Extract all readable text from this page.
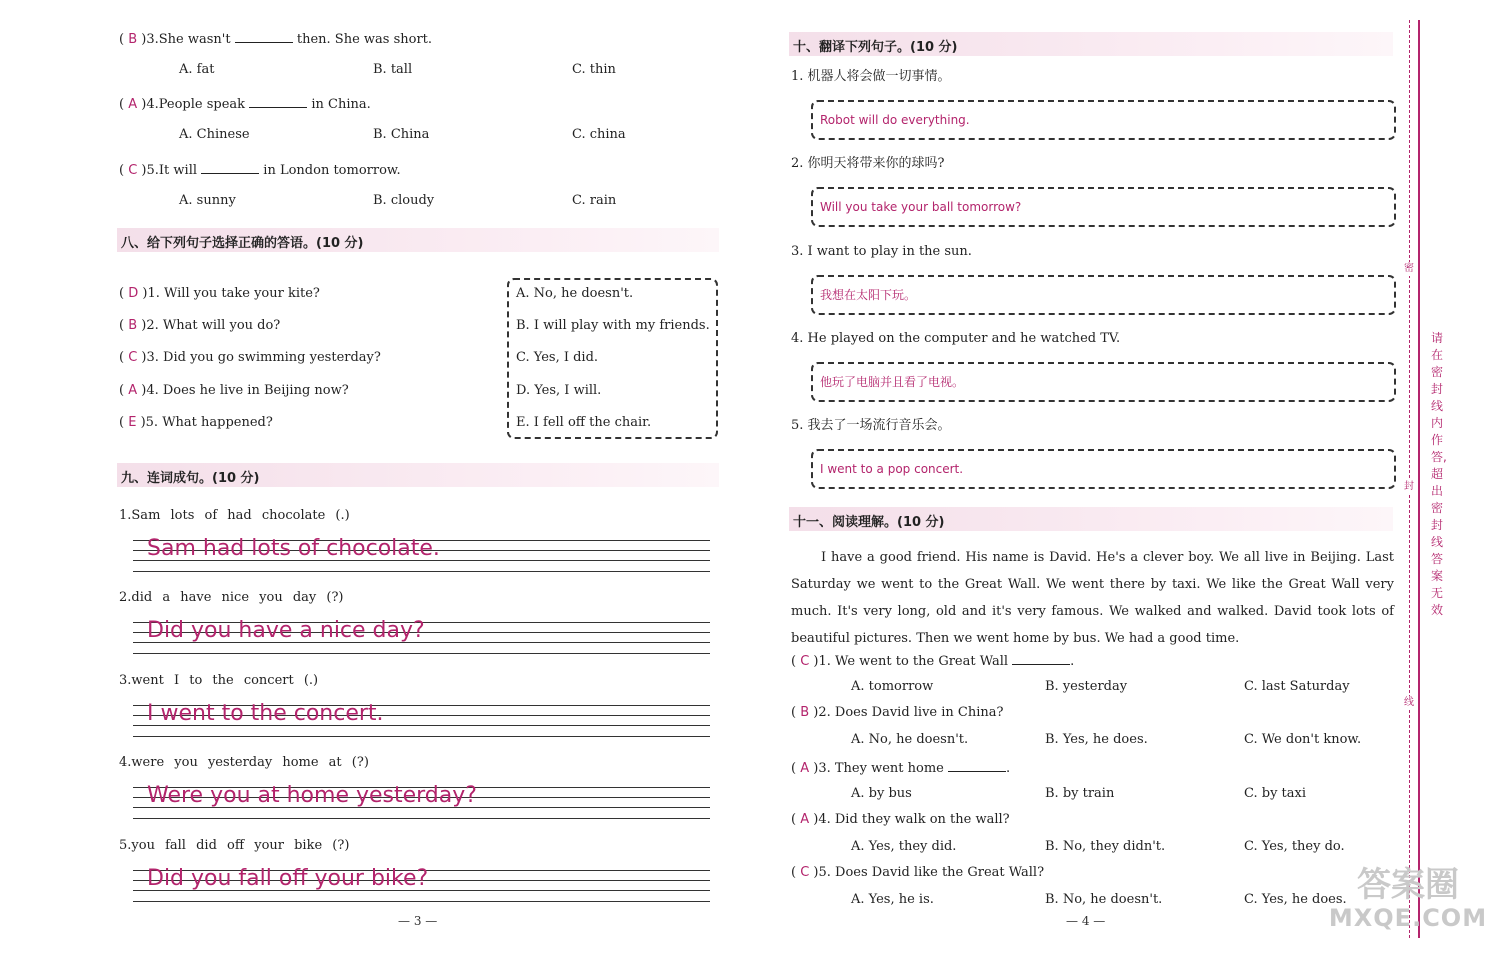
( B )3.She wasn't	then. She was short.
A. fat	B. tall	C. thin
( A )4.People speak	in China.
A. Chinese	B. China	C. china
( C )5.It will	in London tomorrow.
A. sunny	B. cloudy	C. rain
八、给下列句子选择正确的答语。(10 分)
( D )1. Will you take your kite?
( B )2. What will you do?
( C )3. Did you go swimming yesterday?
( A )4. Does he live in Beijing now?
( E )5. What happened?
A. No, he doesn't.
B. I will play with my friends.
C. Yes, I did.
D. Yes, I will.
E. I fell off the chair.
九、连词成句。(10 分)
1.Sam lots of had chocolate (.)
Sam had lots of chocolate.
2.did a have nice you day (?)
Did you have a nice day?
3.went I to the concert (.)
I went to the concert.
4.were you yesterday home at (?)
Were you at home yesterday?
5.you fall did off your bike (?)
Did you fall off your bike?
— 3 —
十、翻译下列句子。(10 分)
1. 机器人将会做一切事情。
Robot will do everything.
2. 你明天将带来你的球吗?
Will you take your ball tomorrow?
3. I want to play in the sun.
我想在太阳下玩。
4. He played on the computer and he watched TV.
他玩了电脑并且看了电视。
5. 我去了一场流行音乐会。
I went to a pop concert.
十一、阅读理解。(10 分)

I have a good friend. His name is David. He's a clever boy. We all live in Beijing. Last Saturday we went to the Great Wall. We went there by taxi. We like the Great Wall very much. It's very long, old and it's very famous. We walked and walked. David took lots of beautiful pictures. Then we went home by bus. We had a good time.

( C )1. We went to the Great Wall	.
A. tomorrow	B. yesterday	C. last Saturday
( B )2. Does David live in China?
A. No, he doesn't.	B. Yes, he does.	C. We don't know.
( A )3. They went home	.
A. by bus	B. by train	C. by taxi
( A )4. Did they walk on the wall?
A. Yes, they did.	B. No, they didn't.	C. Yes, they do.
( C )5. Does David like the Great Wall?
A. Yes, he is.	B. No, he doesn't.	C. Yes, he does.
— 4 —
密
封
线
请在密封线内作答,超出密封线答案无效
答案圈
MXQE.COM
